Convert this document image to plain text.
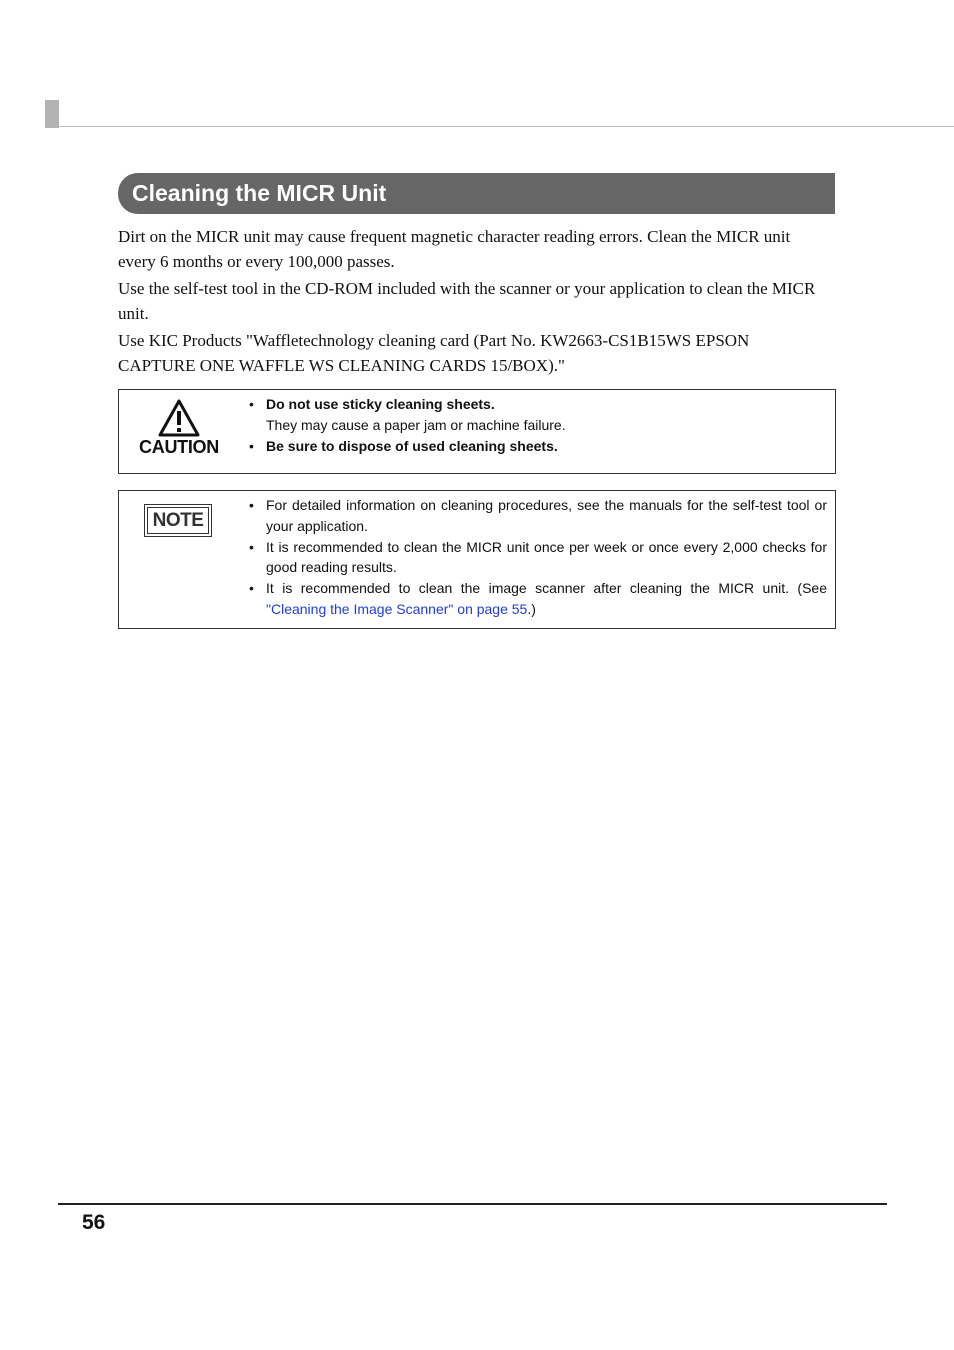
Cleaning the MICR Unit

Dirt on the MICR unit may cause frequent magnetic character reading errors. Clean the MICR unit every 6 months or every 100,000 passes.

Use the self-test tool in the CD-ROM included with the scanner or your application to clean the MICR unit.

Use KIC Products "Waffletechnology cleaning card (Part No. KW2663-CS1B15WS EPSON CAPTURE ONE WAFFLE WS CLEANING CARDS 15/BOX)."

CAUTION
• Do not use sticky cleaning sheets.
They may cause a paper jam or machine failure.
• Be sure to dispose of used cleaning sheets.
NOTE
• For detailed information on cleaning procedures, see the manuals for the self-test tool or your application.
• It is recommended to clean the MICR unit once per week or once every 2,000 checks for good reading results.
• It is recommended to clean the image scanner after cleaning the MICR unit. (See "Cleaning the Image Scanner" on page 55.)
56
